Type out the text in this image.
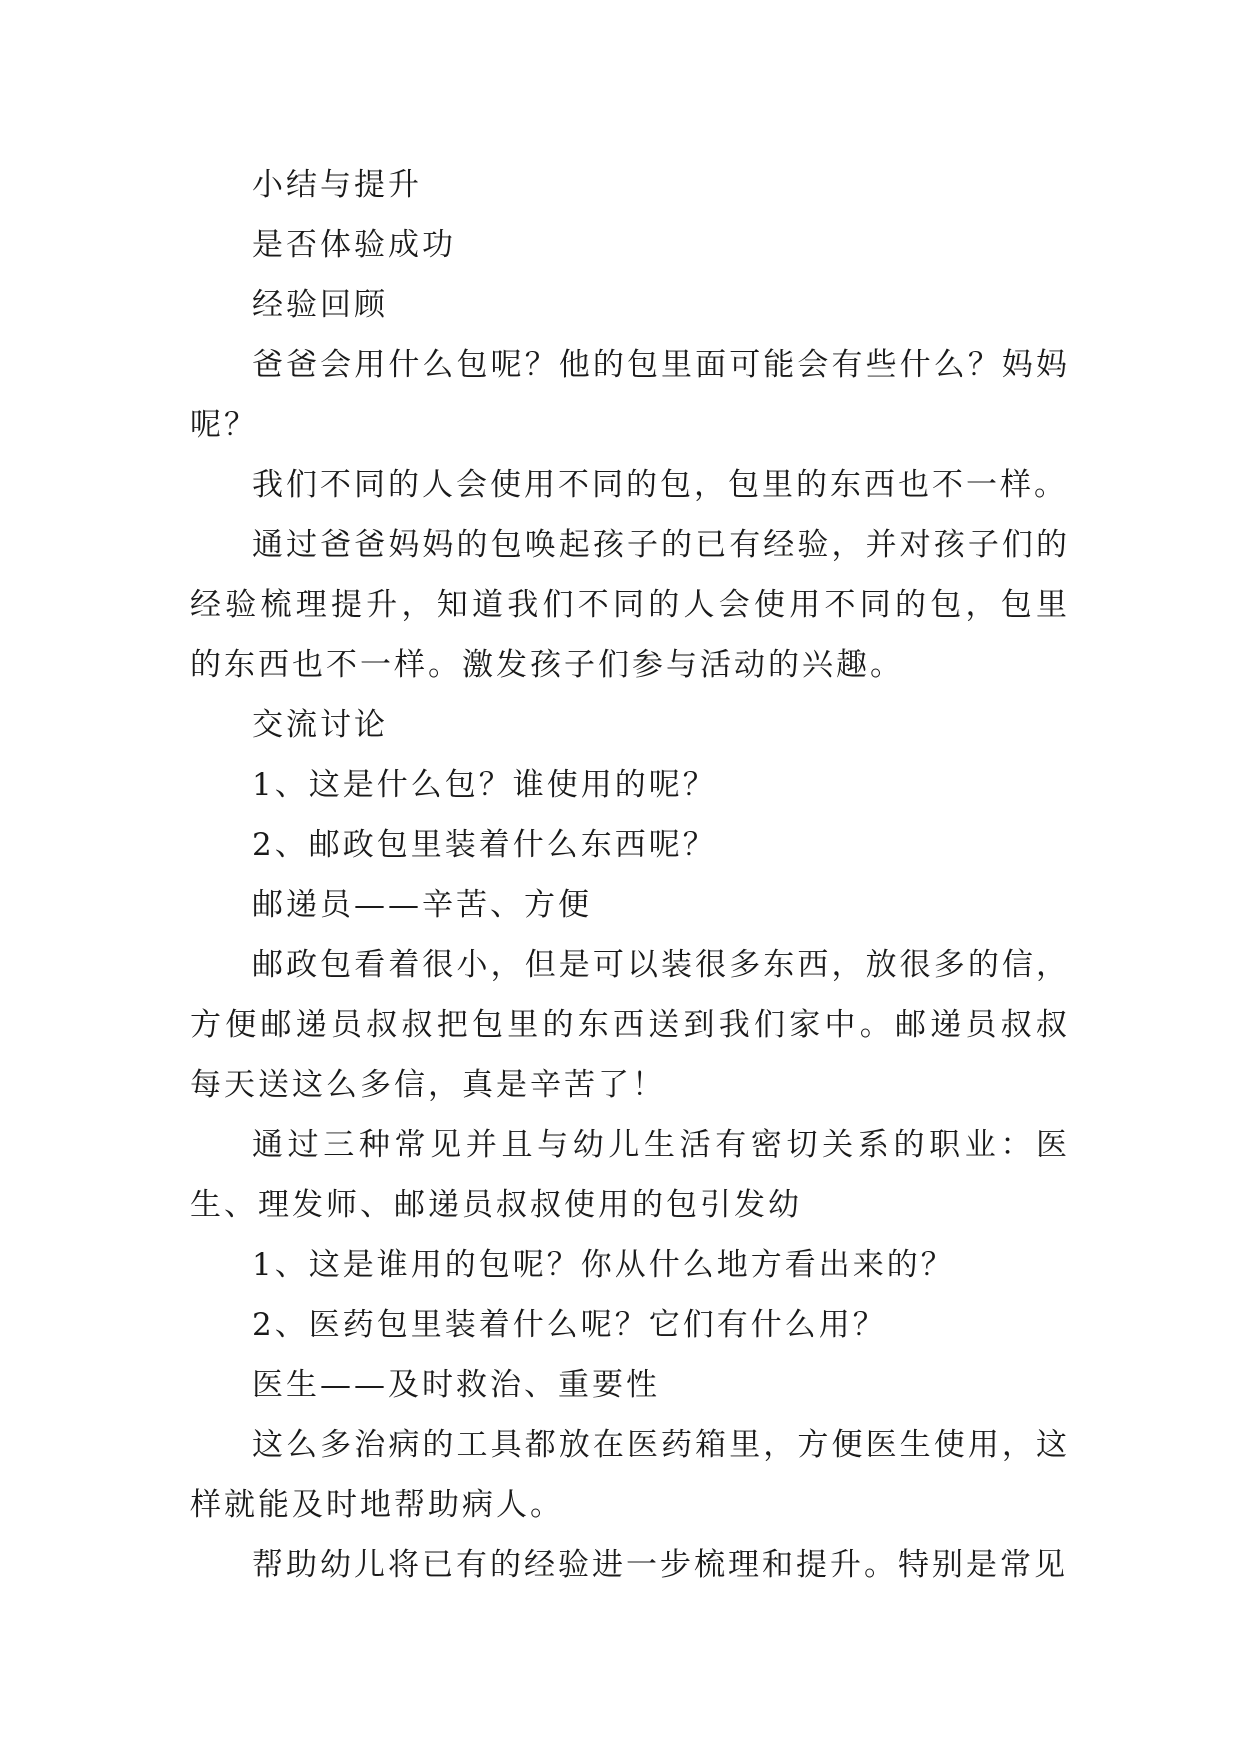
小结与提升

是否体验成功

经验回顾

爸爸会用什么包呢？他的包里面可能会有些什么？妈妈呢？

我们不同的人会使用不同的包，包里的东西也不一样。

通过爸爸妈妈的包唤起孩子的已有经验，并对孩子们的经验梳理提升，知道我们不同的人会使用不同的包，包里的东西也不一样。激发孩子们参与活动的兴趣。

交流讨论

1、这是什么包？谁使用的呢？

2、邮政包里装着什么东西呢？

邮递员——辛苦、方便

邮政包看着很小，但是可以装很多东西，放很多的信，方便邮递员叔叔把包里的东西送到我们家中。邮递员叔叔每天送这么多信，真是辛苦了！

通过三种常见并且与幼儿生活有密切关系的职业：医生、理发师、邮递员叔叔使用的包引发幼

1、这是谁用的包呢？你从什么地方看出来的？

2、医药包里装着什么呢？它们有什么用？

医生——及时救治、重要性

这么多治病的工具都放在医药箱里，方便医生使用，这样就能及时地帮助病人。

帮助幼儿将已有的经验进一步梳理和提升。特别是常见
